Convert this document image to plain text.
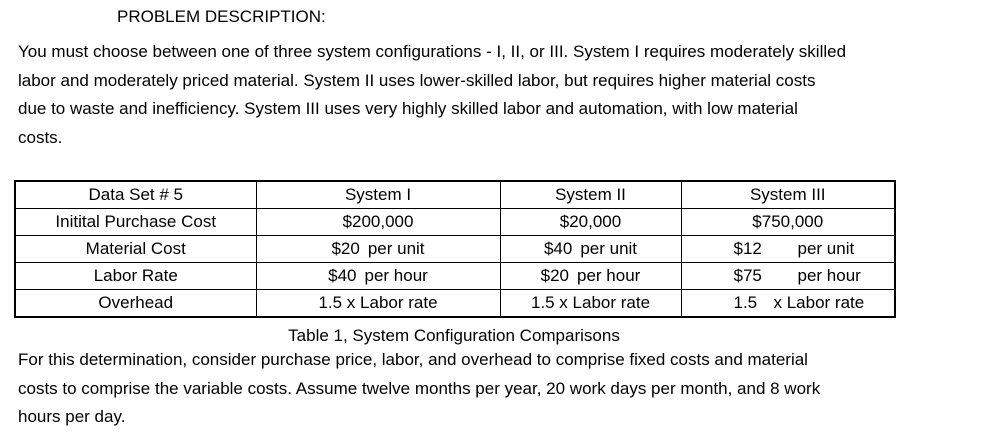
PROBLEM DESCRIPTION:
You must choose between one of three system configurations - I, II, or III. System I requires moderately skilled
labor and moderately priced material. System II uses lower-skilled labor, but requires higher material costs
due to waste and inefficiency. System III uses very highly skilled labor and automation, with low material
costs.
Data Set # 5	System I	System II	System III
Initital Purchase Cost	$200,000	$20,000	$750,000
Material Cost	$20 per unit	$40 per unit	$12 per unit

Labor Rate	$40 per hour	$20 per hour	$75 per hour

Overhead	1.5 x Labor rate	1.5 x Labor rate	1.5 x Labor rate
Table 1, System Configuration Comparisons
For this determination, consider purchase price, labor, and overhead to comprise fixed costs and material
costs to comprise the variable costs. Assume twelve months per year, 20 work days per month, and 8 work
hours per day.
